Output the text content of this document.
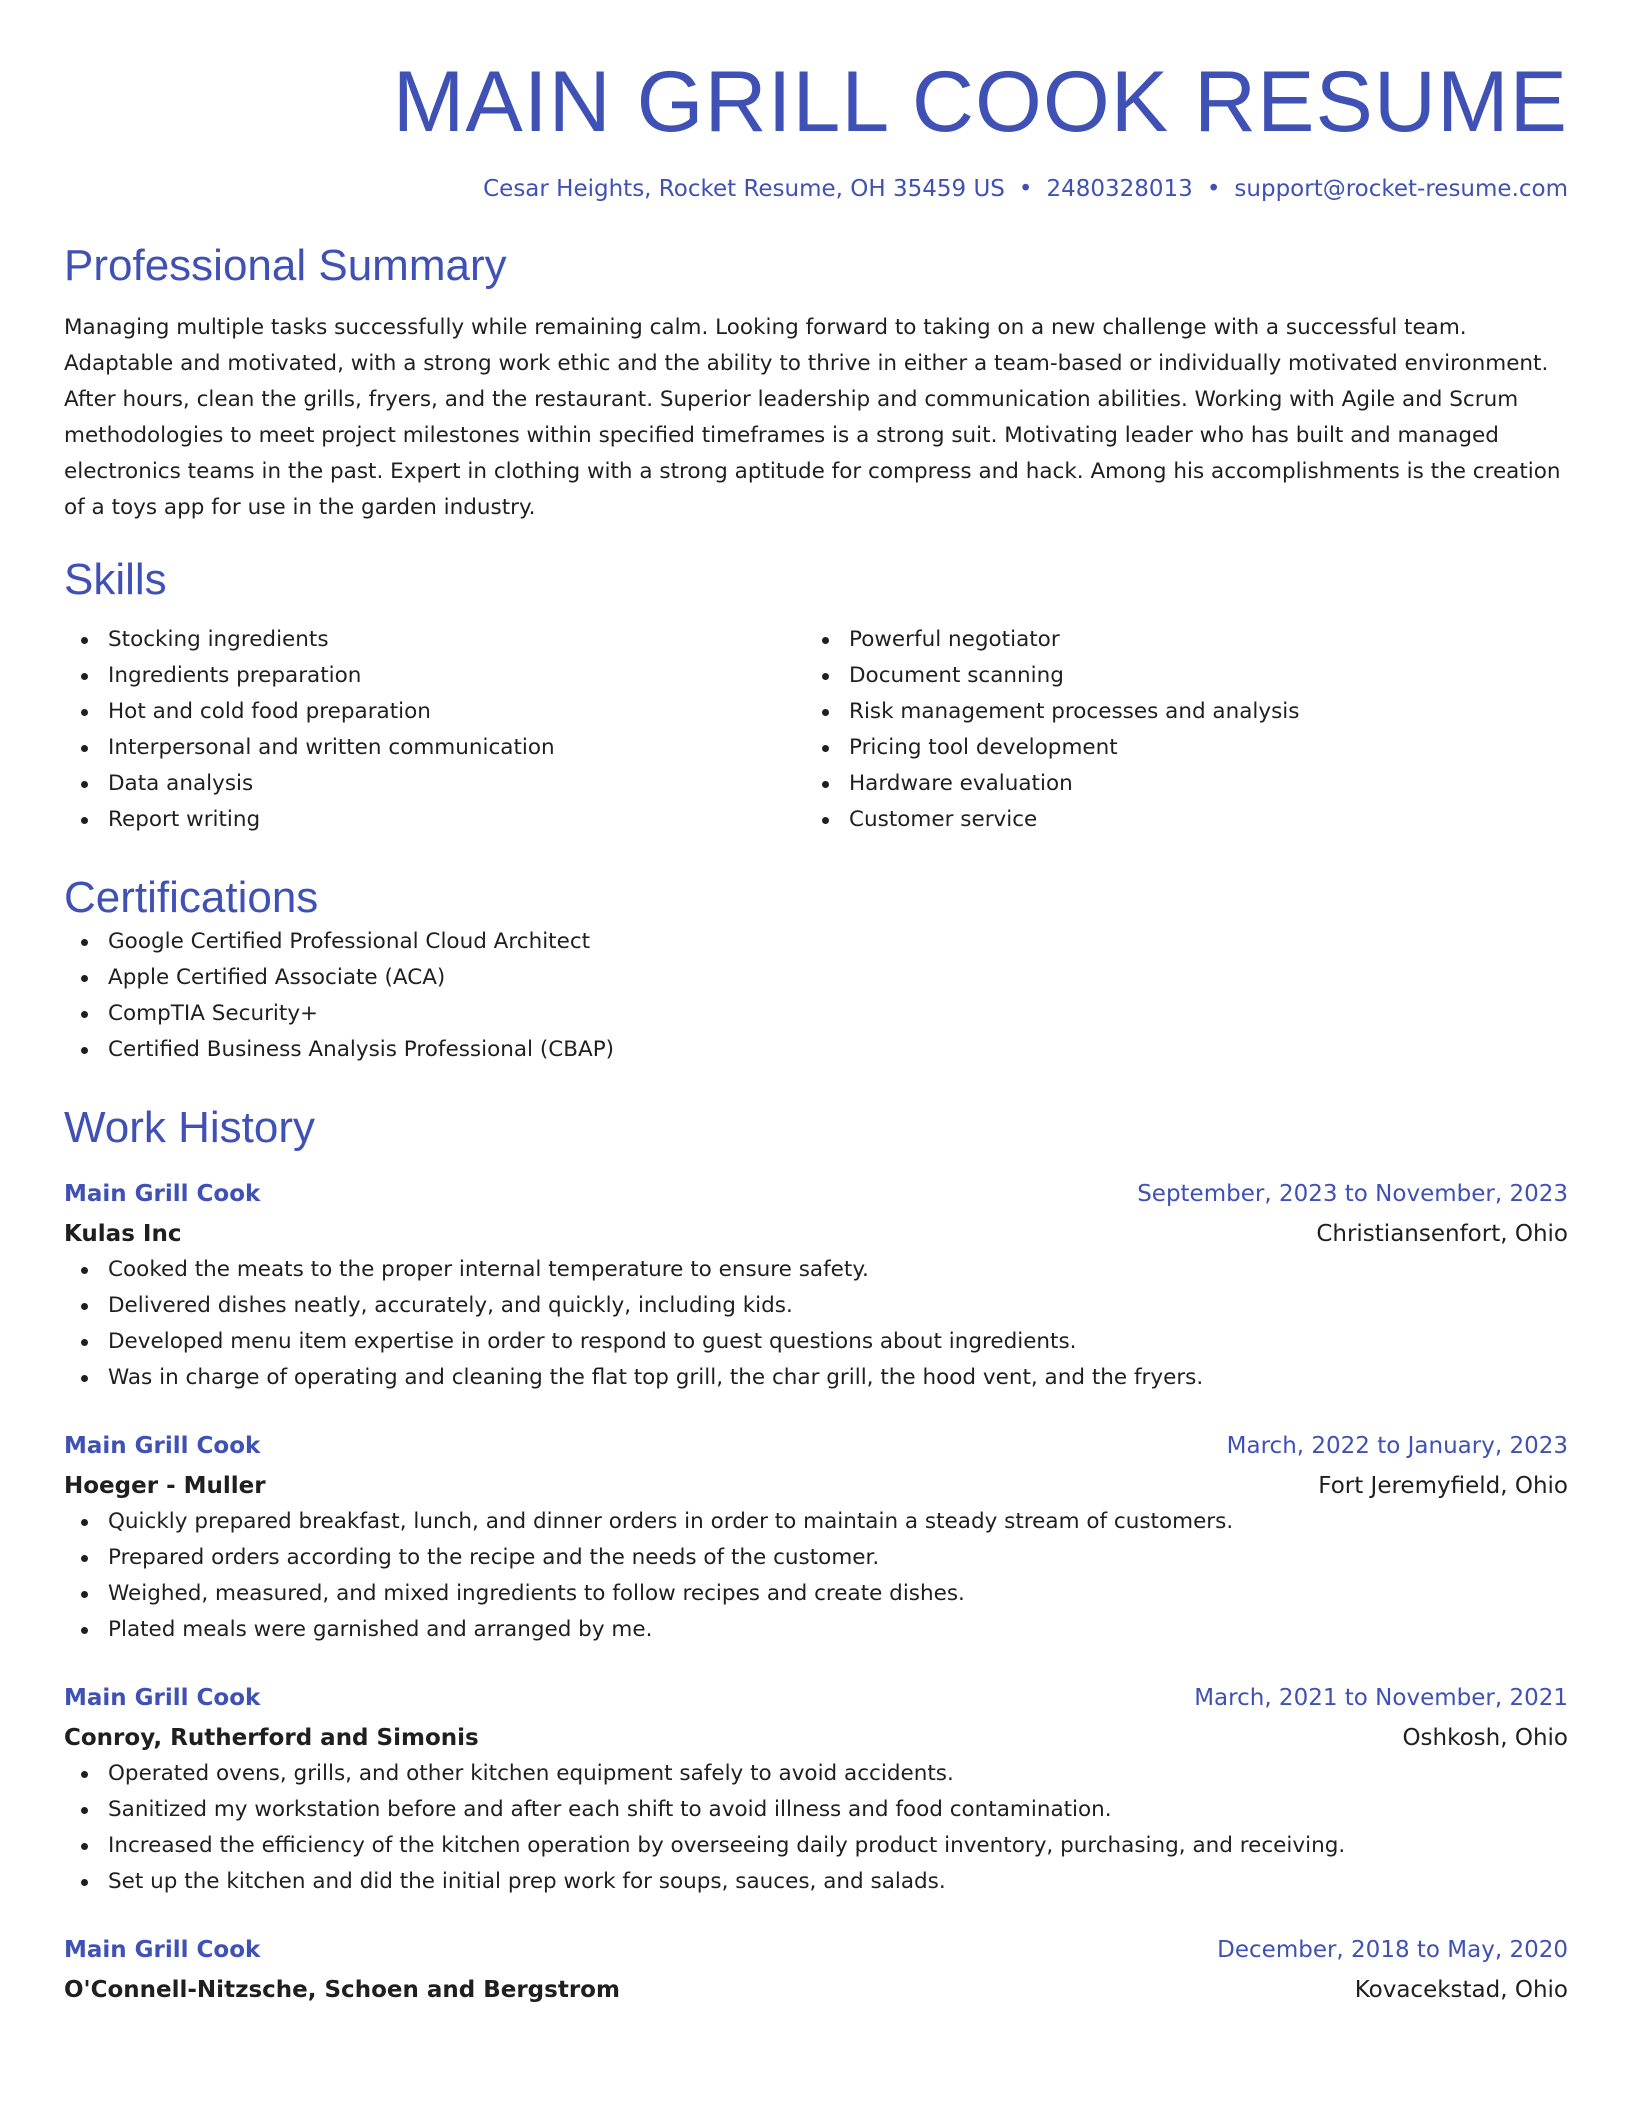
MAIN GRILL COOK RESUME
Cesar Heights, Rocket Resume, OH 35459 US • 2480328013 • support@rocket-resume.com
Professional Summary

Managing multiple tasks successfully while remaining calm. Looking forward to taking on a new challenge with a successful team. Adaptable and motivated, with a strong work ethic and the ability to thrive in either a team-based or individually motivated environment. After hours, clean the grills, fryers, and the restaurant. Superior leadership and communication abilities. Working with Agile and Scrum methodologies to meet project milestones within specified timeframes is a strong suit. Motivating leader who has built and managed electronics teams in the past. Expert in clothing with a strong aptitude for compress and hack. Among his accomplishments is the creation of a toys app for use in the garden industry.

Skills
Stocking ingredients
Ingredients preparation
Hot and cold food preparation
Interpersonal and written communication
Data analysis
Report writing
Powerful negotiator
Document scanning
Risk management processes and analysis
Pricing tool development
Hardware evaluation
Customer service
Certifications
Google Certified Professional Cloud Architect
Apple Certified Associate (ACA)
CompTIA Security+
Certified Business Analysis Professional (CBAP)
Work History
Main Grill Cook	September, 2023 to November, 2023
Kulas Inc	Christiansenfort, Ohio
Cooked the meats to the proper internal temperature to ensure safety.
Delivered dishes neatly, accurately, and quickly, including kids.
Developed menu item expertise in order to respond to guest questions about ingredients.
Was in charge of operating and cleaning the flat top grill, the char grill, the hood vent, and the fryers.
Main Grill Cook	March, 2022 to January, 2023
Hoeger - Muller	Fort Jeremyfield, Ohio
Quickly prepared breakfast, lunch, and dinner orders in order to maintain a steady stream of customers.
Prepared orders according to the recipe and the needs of the customer.
Weighed, measured, and mixed ingredients to follow recipes and create dishes.
Plated meals were garnished and arranged by me.
Main Grill Cook	March, 2021 to November, 2021
Conroy, Rutherford and Simonis	Oshkosh, Ohio
Operated ovens, grills, and other kitchen equipment safely to avoid accidents.
Sanitized my workstation before and after each shift to avoid illness and food contamination.
Increased the efficiency of the kitchen operation by overseeing daily product inventory, purchasing, and receiving.
Set up the kitchen and did the initial prep work for soups, sauces, and salads.
Main Grill Cook	December, 2018 to May, 2020
O'Connell-Nitzsche, Schoen and Bergstrom	Kovacekstad, Ohio
